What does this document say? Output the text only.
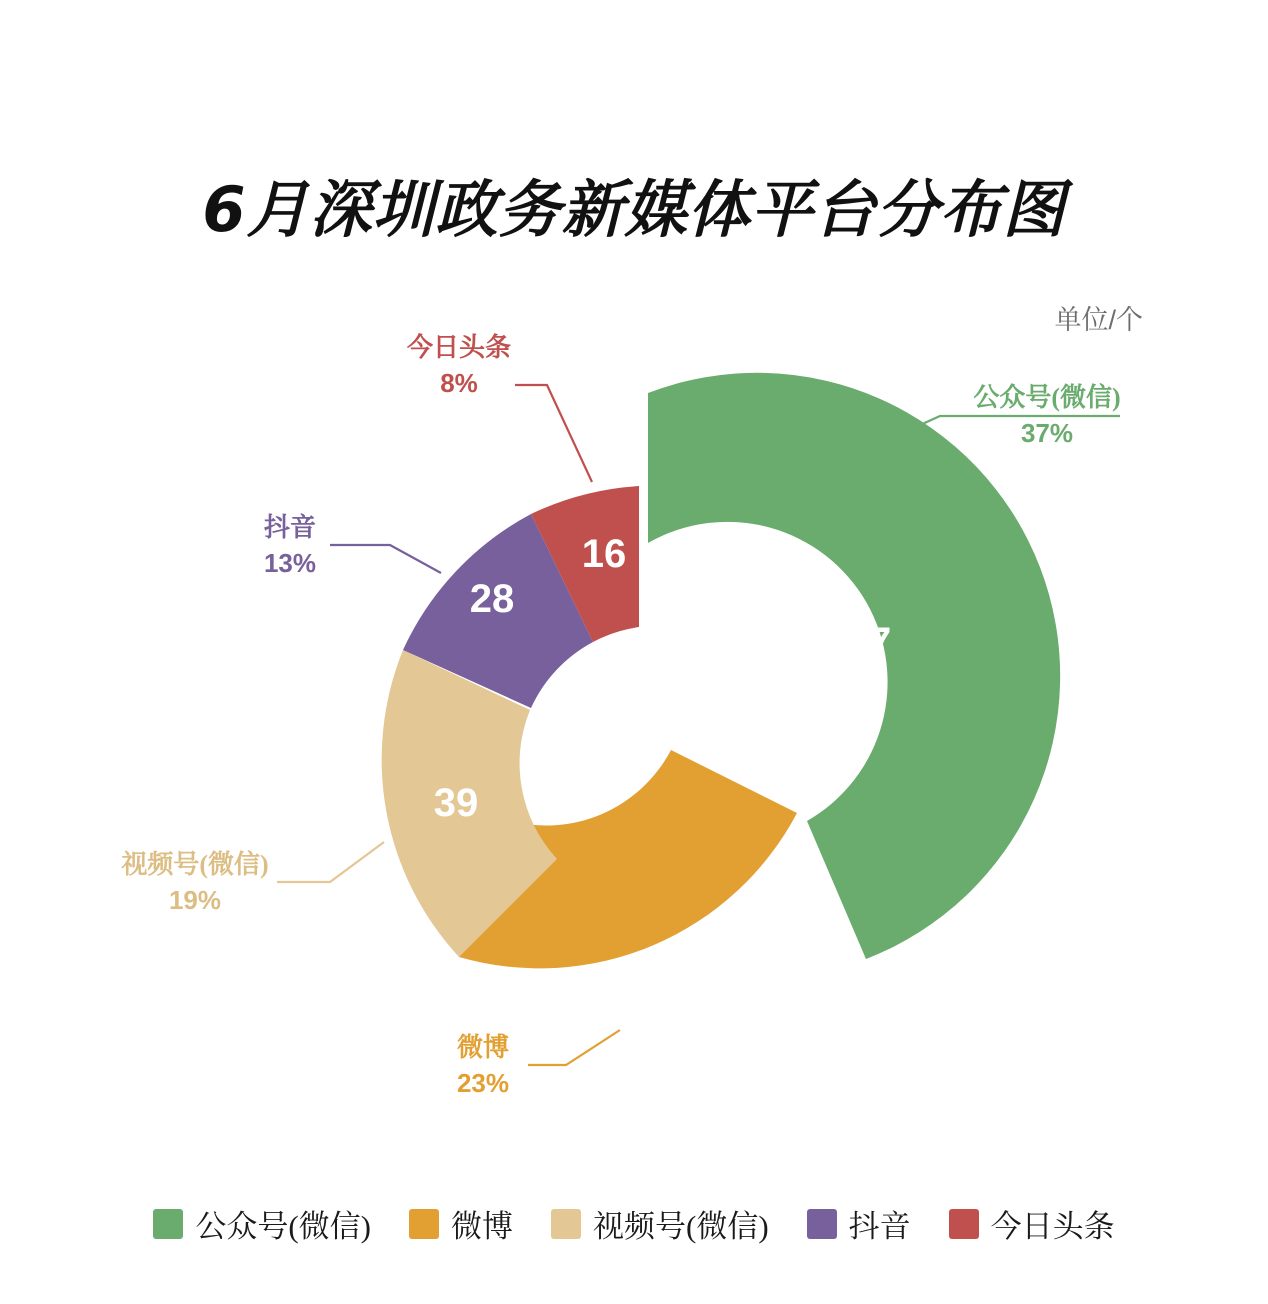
6月深圳政务新媒体平台分布图
单位/个
77
47
39
28
16
公众号(微信)
37%
微博
23%
视频号(微信)
19%
抖音
13%
今日头条
8%
公众号(微信)	微博	视频号(微信)	抖音	今日头条
